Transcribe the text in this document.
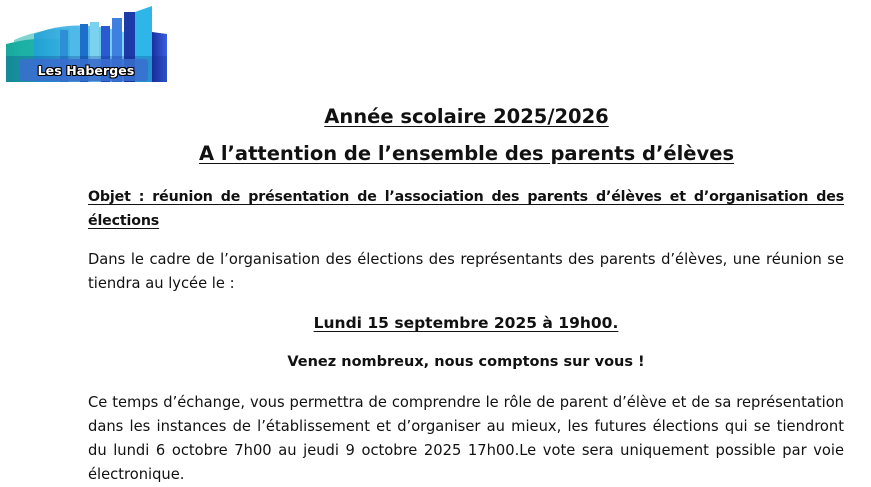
Les Haberges
Année scolaire 2025/2026
A l’attention de l’ensemble des parents d’élèves
Objet : réunion de présentation de l’association des parents d’élèves et d’organisation des élections
Dans le cadre de l’organisation des élections des représentants des parents d’élèves, une réunion se tiendra au lycée le :
Lundi 15 septembre 2025 à 19h00.
Venez nombreux, nous comptons sur vous !
Ce temps d’échange, vous permettra de comprendre le rôle de parent d’élève et de sa représentation dans les instances de l’établissement et d’organiser au mieux, les futures élections qui se tiendront du lundi 6 octobre 7h00 au jeudi 9 octobre 2025 17h00.Le vote sera uniquement possible par voie électronique.
